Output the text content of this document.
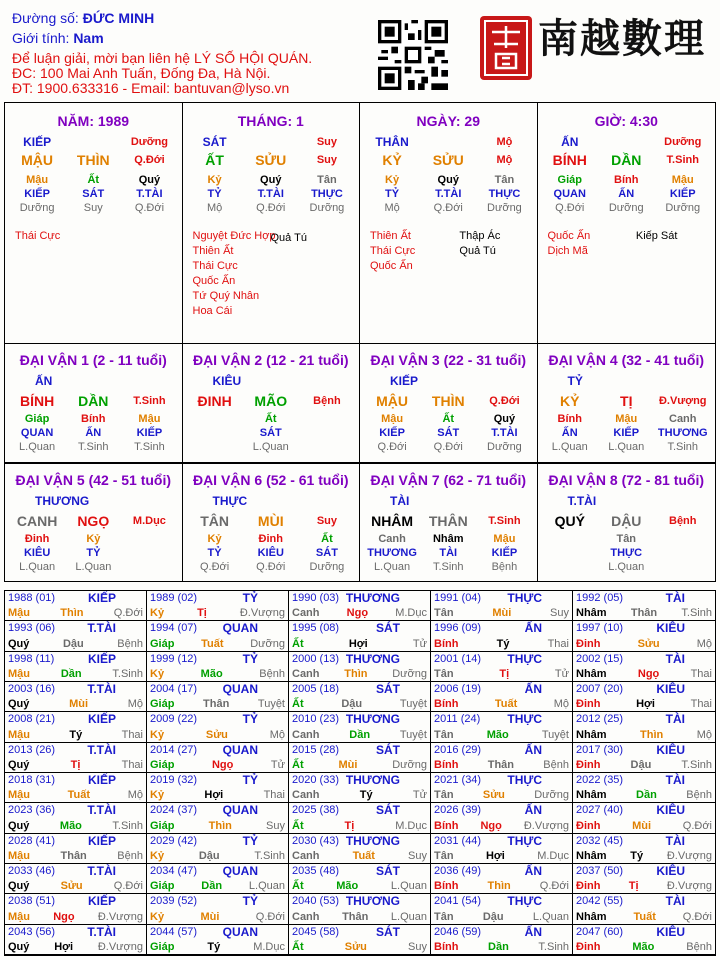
Đường số: ĐỨC MINH
Giới tính: Nam
Để luận giải, mời bạn liên hệ LÝ SỐ HỘI QUÁN.
ĐC: 100 Mai Anh Tuấn, Đống Đa, Hà Nội.
ĐT: 1900.633316 - Email: bantuvan@lyso.vn
南越數理
NĂM: 1989
KIẾP	Dưỡng
MẬU	THÌN	Q.Đới
Mậu	Ất	Quý
KIẾP	SÁT	T.TÀI
Dưỡng	Suy	Q.Đới
Thái Cực
THÁNG: 1
SÁT	Suy
ẤT	SỬU	Suy
Kỷ	Quý	Tân
TỶ	T.TÀI	THỰC
Mộ	Q.Đới	Dưỡng
Nguyệt Đức Hợp
Quả Tú
Thiên Ất
Thái Cực
Quốc Ấn
Tứ Quý Nhân
Hoa Cái
NGÀY: 29
THÂN	Mộ
KỶ	SỬU	Mộ
Kỷ	Quý	Tân
TỶ	T.TÀI	THỰC
Mộ	Q.Đới	Dưỡng
Thiên Ất	Thập Ác
Thái Cực	Quả Tú
Quốc Ấn
GIỜ: 4:30
ẤN	Dưỡng
BÍNH	DẦN	T.Sinh
Giáp	Bính	Mậu
QUAN	ẤN	KIẾP
Q.Đới	Dưỡng	Dưỡng
Quốc Ấn	Kiếp Sát
Dịch Mã
ĐẠI VẬN 1 (2 - 11 tuổi)
ẤN
BÍNH	DẦN	T.Sinh
Giáp	Bính	Mậu
QUAN	ẤN	KIẾP
L.Quan	T.Sinh	T.Sinh
ĐẠI VẬN 2 (12 - 21 tuổi)
KIÊU
ĐINH	MÃO	Bệnh
Ất
SÁT
L.Quan
ĐẠI VẬN 3 (22 - 31 tuổi)
KIẾP
MẬU	THÌN	Q.Đới
Mậu	Ất	Quý
KIẾP	SÁT	T.TÀI
Q.Đới	Q.Đới	Dưỡng
ĐẠI VẬN 4 (32 - 41 tuổi)
TỶ
KỶ	TỊ	Đ.Vượng
Bính	Mậu	Canh
ẤN	KIẾP	THƯƠNG
L.Quan	L.Quan	T.Sinh
ĐẠI VẬN 5 (42 - 51 tuổi)
THƯƠNG
CANH	NGỌ	M.Dục
Đinh	Kỷ
KIÊU	TỶ
L.Quan	L.Quan
ĐẠI VẬN 6 (52 - 61 tuổi)
THỰC
TÂN	MÙI	Suy
Kỷ	Đinh	Ất
TỶ	KIÊU	SÁT
Q.Đới	Q.Đới	Dưỡng
ĐẠI VẬN 7 (62 - 71 tuổi)
TÀI
NHÂM	THÂN	T.Sinh
Canh	Nhâm	Mậu
THƯƠNG	TÀI	KIẾP
L.Quan	T.Sinh	Bệnh
ĐẠI VẬN 8 (72 - 81 tuổi)
T.TÀI
QUÝ	DẬU	Bệnh
Tân
THỰC
L.Quan
1988 (01)	KIẾP
Mậu	Thìn	Q.Đới
1989 (02)	TỶ
Kỷ	Tị	Đ.Vượng
1990 (03) THƯƠNG
Canh Ngọ M.Dục
1991 (04) THỰC
Tân	Mùi	Suy
1992 (05)	TÀI
Nhâm Thân T.Sinh
1993 (06)	T.TÀI
Quý	Dậu	Bệnh
1994 (07) QUAN
Giáp Tuất Dưỡng
1995 (08)	SÁT
Ất	Hợi	Tử
1996 (09)	ẤN
Bính	Tý	Thai
1997 (10)	KIÊU
Đinh	Sửu	Mộ
1998 (11)	KIẾP
Mậu	Dần	T.Sinh
1999 (12)	TỶ
Kỷ	Mão	Bệnh
2000 (13) THƯƠNG
Canh Thìn Dưỡng
2001 (14) THỰC
Tân	Tị	Tử
2002 (15)	TÀI
Nhâm	Ngọ	Thai
2003 (16)	T.TÀI
Quý	Mùi	Mộ
2004 (17) QUAN
Giáp	Thân	Tuyệt
2005 (18)	SÁT
Ất	Dậu	Tuyệt
2006 (19)	ẤN
Bính	Tuất	Mộ
2007 (20)	KIÊU
Đinh	Hợi	Thai
2008 (21)	KIẾP
Mậu	Tý	Thai
2009 (22)	TỶ
Kỷ	Sửu	Mộ
2010 (23) THƯƠNG
Canh	Dần	Tuyệt
2011 (24) THỰC
Tân	Mão	Tuyệt
2012 (25)	TÀI
Nhâm	Thìn	Mộ
2013 (26)	T.TÀI
Quý	Tị	Thai
2014 (27) QUAN
Giáp	Ngọ	Tử
2015 (28)	SÁT
Ất	Mùi	Dưỡng
2016 (29)	ẤN
Bính	Thân	Bệnh
2017 (30)	KIÊU
Đinh	Dậu	T.Sinh
2018 (31)	KIẾP
Mậu	Tuất	Mộ
2019 (32)	TỶ
Kỷ	Hợi	Thai
2020 (33) THƯƠNG
Canh	Tý	Tử
2021 (34) THỰC
Tân	Sửu	Dưỡng
2022 (35)	TÀI
Nhâm	Dần	Bệnh
2023 (36)	T.TÀI
Quý	Mão	T.Sinh
2024 (37) QUAN
Giáp	Thìn	Suy
2025 (38)	SÁT
Ất	Tị	M.Dục
2026 (39)	ẤN
Bính Ngọ Đ.Vượng
2027 (40)	KIÊU
Đinh	Mùi	Q.Đới
2028 (41)	KIẾP
Mậu	Thân	Bệnh
2029 (42)	TỶ
Kỷ	Dậu	T.Sinh
2030 (43) THƯƠNG
Canh	Tuất	Suy
2031 (44) THỰC
Tân	Hợi	M.Dục
2032 (45)	TÀI
Nhâm Tý Đ.Vượng
2033 (46)	T.TÀI
Quý	Sửu	Q.Đới
2034 (47) QUAN
Giáp Dần L.Quan
2035 (48)	SÁT
Ất	Mão	L.Quan
2036 (49)	ẤN
Bính	Thìn	Q.Đới
2037 (50)	KIÊU
Đinh	Tị	Đ.Vượng
2038 (51)	KIẾP
Mậu Ngọ Đ.Vượng
2039 (52)	TỶ
Kỷ	Mùi	Q.Đới
2040 (53) THƯƠNG
Canh Thân L.Quan
2041 (54) THỰC
Tân	Dậu	L.Quan
2042 (55)	TÀI
Nhâm Tuất Q.Đới
2043 (56)	T.TÀI
Quý Hợi Đ.Vượng
2044 (57) QUAN
Giáp	Tý	M.Dục
2045 (58)	SÁT
Ất	Sửu	Suy
2046 (59)	ẤN
Bính	Dần	T.Sinh
2047 (60)	KIÊU
Đinh	Mão	Bệnh
